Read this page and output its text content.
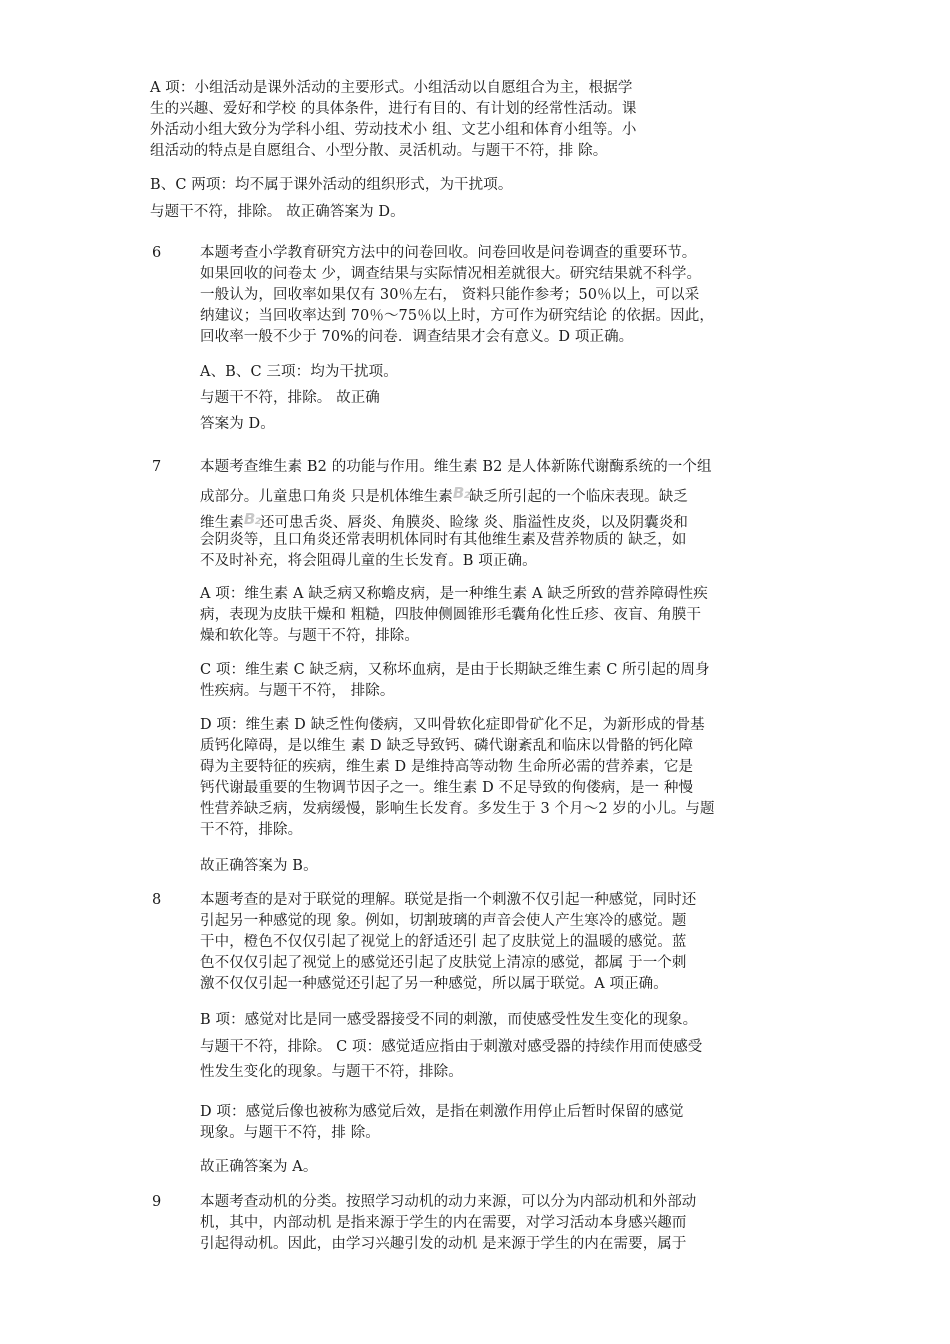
A 项：小组活动是课外活动的主要形式。小组活动以自愿组合为主，根据学
生的兴趣、爱好和学校 的具体条件，进行有目的、有计划的经常性活动。课
外活动小组大致分为学科小组、劳动技术小 组、文艺小组和体育小组等。小
组活动的特点是自愿组合、小型分散、灵活机动。与题干不符，排 除。
B、C 两项：均不属于课外活动的组织形式，为干扰项。
与题干不符，排除。 故正确答案为 D。
6	本题考查小学教育研究方法中的问卷回收。问卷回收是问卷调查的重要环节。
如果回收的问卷太 少，调查结果与实际情况相差就很大。研究结果就不科学。
一般认为，回收率如果仅有 30％左右， 资料只能作参考；50％以上，可以采
纳建议；当回收率达到 70％～75％以上时，方可作为研究结论 的依据。因此，
回收率一般不少于 70%的问卷．调查结果才会有意义。D 项正确。
A、B、C 三项：均为干扰项。
与题干不符，排除。 故正确
答案为 D。
7	本题考查维生素 B2 的功能与作用。维生素 B2 是人体新陈代谢酶系统的一个组
成部分。儿童患口角炎 只是机体维生素B₂缺乏所引起的一个临床表现。缺乏
维生素B₂还可患舌炎、唇炎、角膜炎、睑缘 炎、脂溢性皮炎，以及阴囊炎和
会阴炎等，且口角炎还常表明机体同时有其他维生素及营养物质的 缺乏，如
不及时补充，将会阻碍儿童的生长发育。B 项正确。
A 项：维生素 A 缺乏病又称蟾皮病，是一种维生素 A 缺乏所致的营养障碍性疾
病，表现为皮肤干燥和 粗糙，四肢伸侧圆锥形毛囊角化性丘疹、夜盲、角膜干
燥和软化等。与题干不符，排除。
C 项：维生素 C 缺乏病，又称坏血病，是由于长期缺乏维生素 C 所引起的周身
性疾病。与题干不符， 排除。
D 项：维生素 D 缺乏性佝偻病，又叫骨软化症即骨矿化不足，为新形成的骨基
质钙化障碍，是以维生 素 D 缺乏导致钙、磷代谢紊乱和临床以骨骼的钙化障
碍为主要特征的疾病，维生素 D 是维持高等动物 生命所必需的营养素，它是
钙代谢最重要的生物调节因子之一。维生素 D 不足导致的佝偻病，是一 种慢
性营养缺乏病，发病缓慢，影响生长发育。多发生于 3 个月～2 岁的小儿。与题
干不符，排除。
故正确答案为 B。
8	本题考查的是对于联觉的理解。联觉是指一个刺激不仅引起一种感觉，同时还
引起另一种感觉的现 象。例如，切割玻璃的声音会使人产生寒冷的感觉。题
干中，橙色不仅仅引起了视觉上的舒适还引 起了皮肤觉上的温暖的感觉。蓝
色不仅仅引起了视觉上的感觉还引起了皮肤觉上清凉的感觉，都属 于一个刺
激不仅仅引起一种感觉还引起了另一种感觉，所以属于联觉。A 项正确。
B 项：感觉对比是同一感受器接受不同的刺激，而使感受性发生变化的现象。
与题干不符，排除。 C 项：感觉适应指由于刺激对感受器的持续作用而使感受
性发生变化的现象。与题干不符，排除。
D 项：感觉后像也被称为感觉后效，是指在刺激作用停止后暂时保留的感觉
现象。与题干不符，排 除。
故正确答案为 A。
9	本题考查动机的分类。按照学习动机的动力来源，可以分为内部动机和外部动
机，其中，内部动机 是指来源于学生的内在需要，对学习活动本身感兴趣而
引起得动机。因此，由学习兴趣引发的动机 是来源于学生的内在需要，属于
